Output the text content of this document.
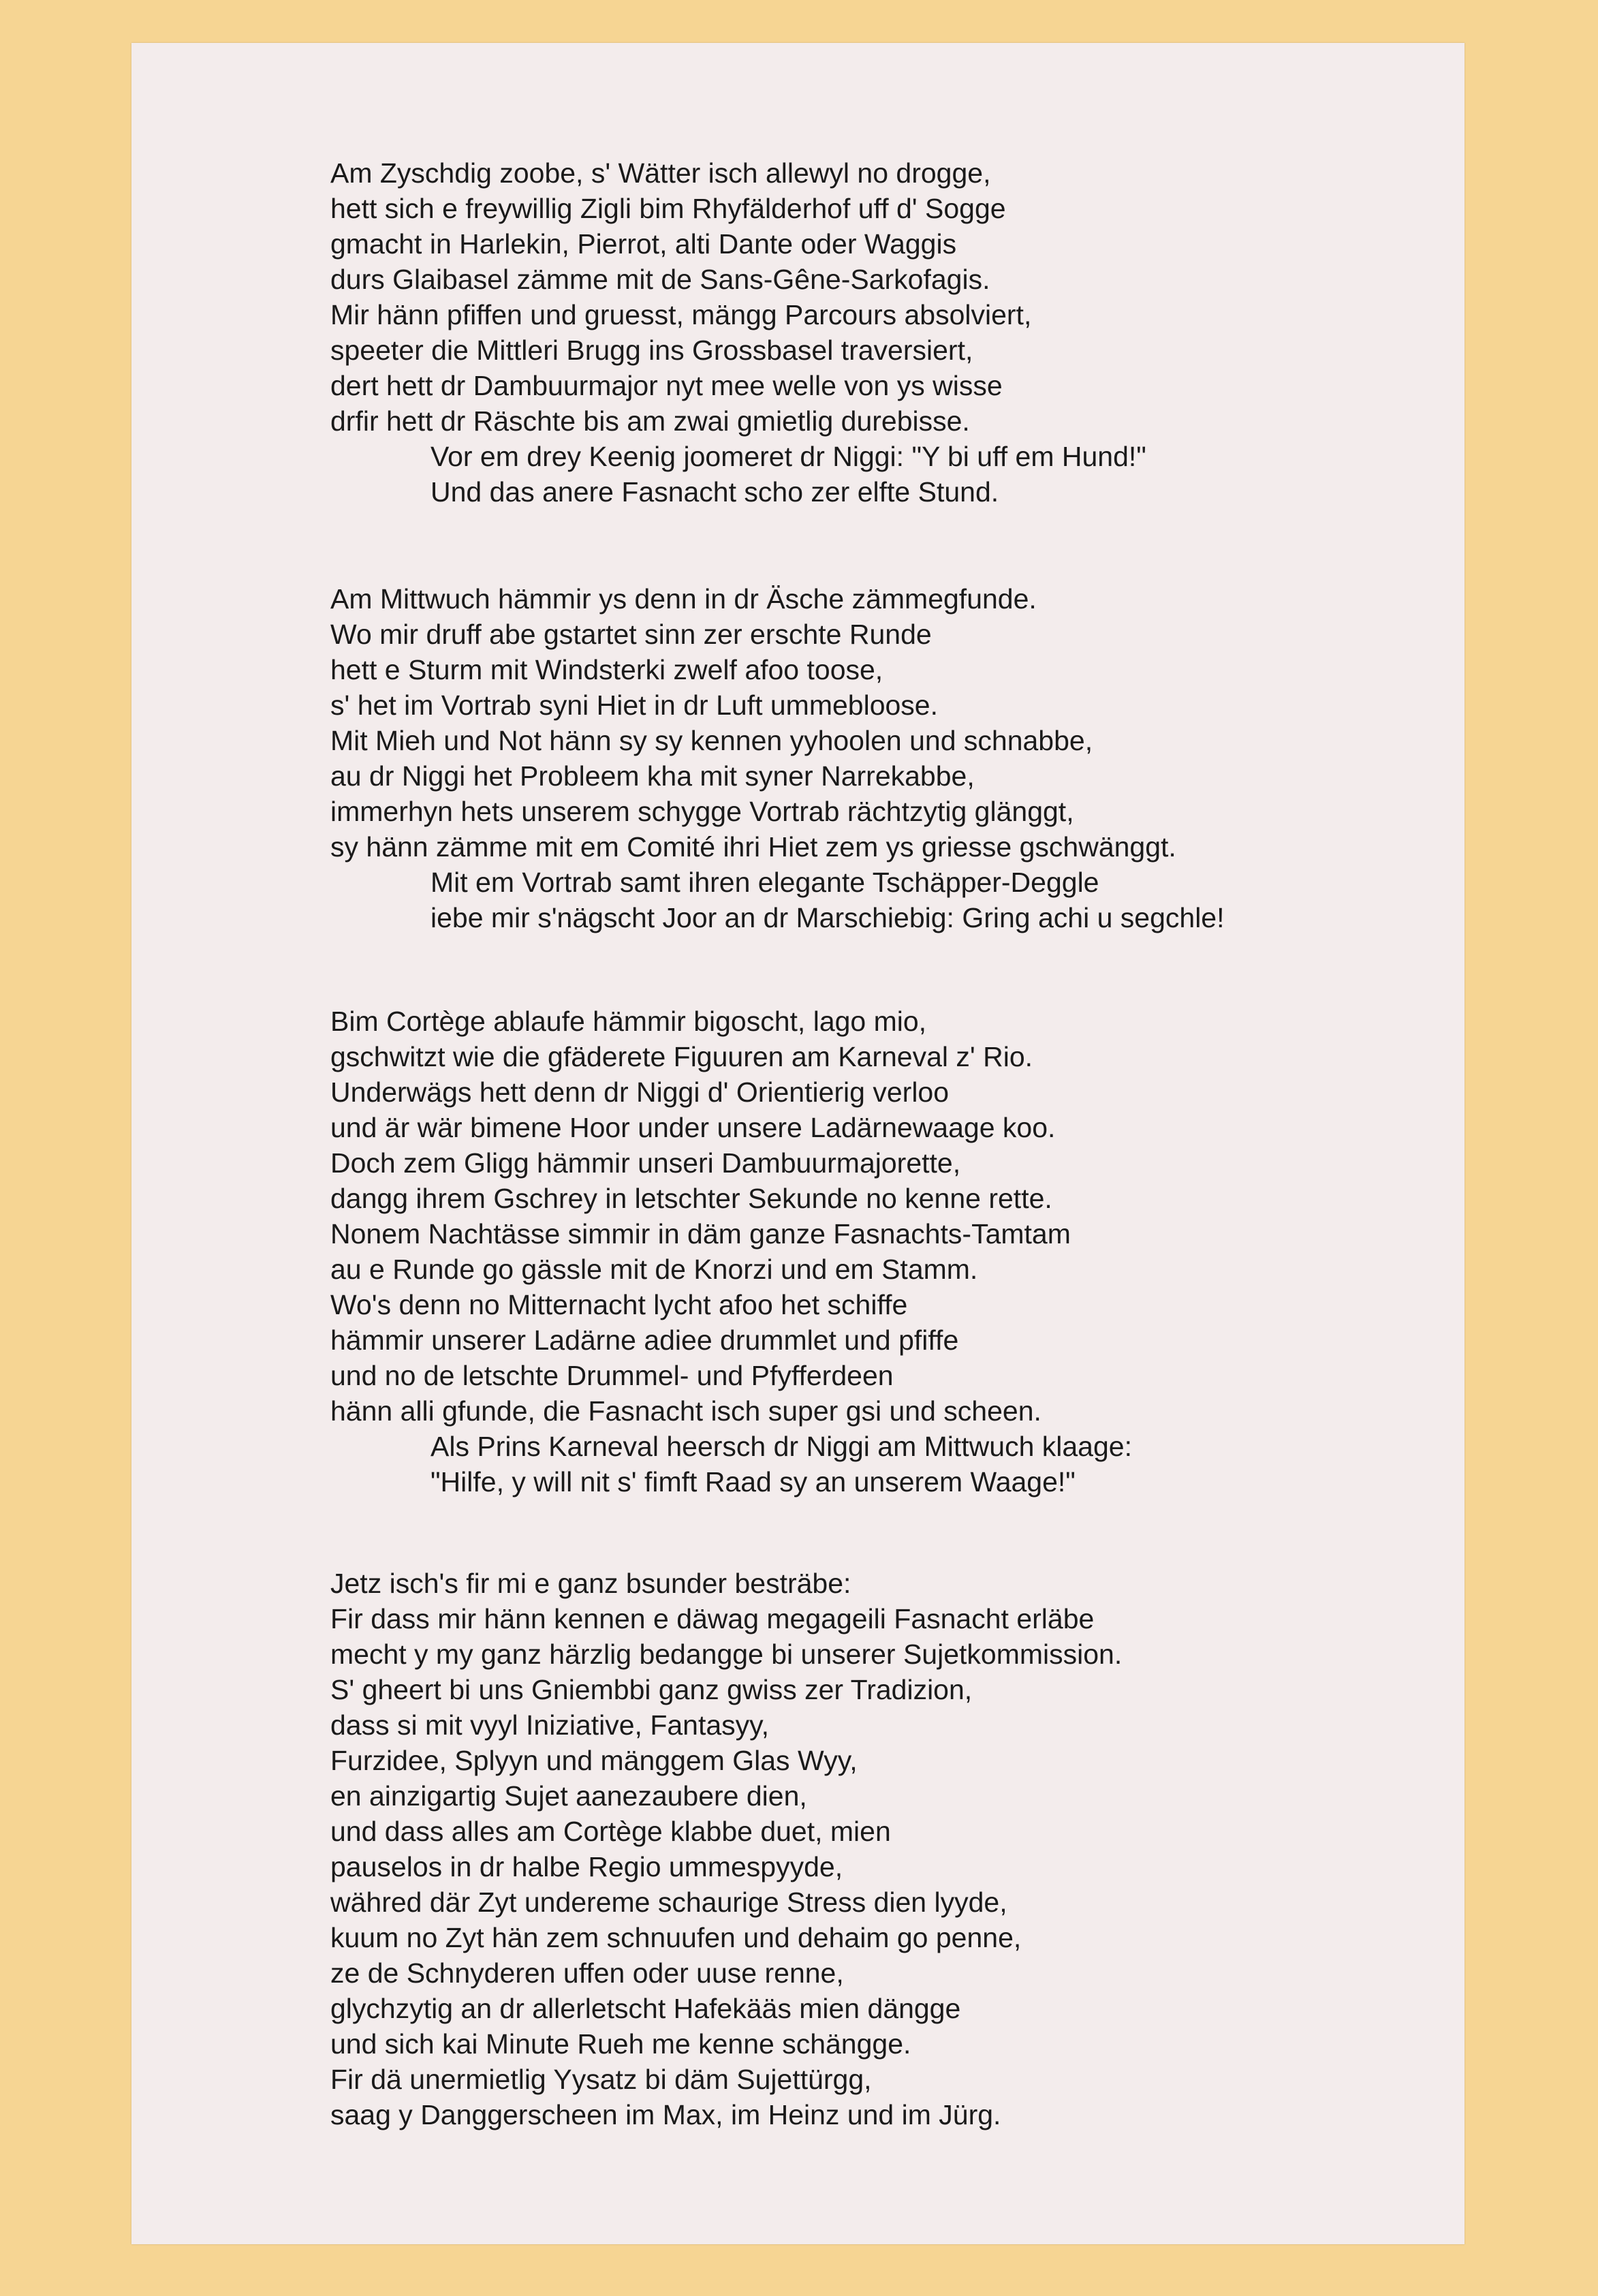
Am Zyschdig zoobe, s' Wätter isch allewyl no drogge,
hett sich e freywillig Zigli bim Rhyfälderhof uff d' Sogge
gmacht in Harlekin, Pierrot, alti Dante oder Waggis
durs Glaibasel zämme mit de Sans-Gêne-Sarkofagis.
Mir hänn pfiffen und gruesst, mängg Parcours absolviert,
speeter die Mittleri Brugg ins Grossbasel traversiert,
dert hett dr Dambuurmajor nyt mee welle von ys wisse
drfir hett dr Räschte bis am zwai gmietlig durebisse.
Vor em drey Keenig joomeret dr Niggi: "Y bi uff em Hund!"
Und das anere Fasnacht scho zer elfte Stund.
Am Mittwuch hämmir ys denn in dr Äsche zämmegfunde.
Wo mir druff abe gstartet sinn zer erschte Runde
hett e Sturm mit Windsterki zwelf afoo toose,
s' het im Vortrab syni Hiet in dr Luft ummebloose.
Mit Mieh und Not hänn sy sy kennen yyhoolen und schnabbe,
au dr Niggi het Probleem kha mit syner Narrekabbe,
immerhyn hets unserem schygge Vortrab rächtzytig glänggt,
sy hänn zämme mit em Comité ihri Hiet zem ys griesse gschwänggt.
Mit em Vortrab samt ihren elegante Tschäpper-Deggle
iebe mir s'nägscht Joor an dr Marschiebig: Gring achi u segchle!
Bim Cortège ablaufe hämmir bigoscht, lago mio,
gschwitzt wie die gfäderete Figuuren am Karneval z' Rio.
Underwägs hett denn dr Niggi d' Orientierig verloo
und är wär bimene Hoor under unsere Ladärnewaage koo.
Doch zem Gligg hämmir unseri Dambuurmajorette,
dangg ihrem Gschrey in letschter Sekunde no kenne rette.
Nonem Nachtässe simmir in däm ganze Fasnachts-Tamtam
au e Runde go gässle mit de Knorzi und em Stamm.
Wo's denn no Mitternacht lycht afoo het schiffe
hämmir unserer Ladärne adiee drummlet und pfiffe
und no de letschte Drummel- und Pfyfferdeen
hänn alli gfunde, die Fasnacht isch super gsi und scheen.
Als Prins Karneval heersch dr Niggi am Mittwuch klaage:
"Hilfe, y will nit s' fimft Raad sy an unserem Waage!"
Jetz isch's fir mi e ganz bsunder besträbe:
Fir dass mir hänn kennen e däwag megageili Fasnacht erläbe
mecht y my ganz härzlig bedangge bi unserer Sujetkommission.
S' gheert bi uns Gniembbi ganz gwiss zer Tradizion,
dass si mit vyyl Iniziative, Fantasyy,
Furzidee, Splyyn und mänggem Glas Wyy,
en ainzigartig Sujet aanezaubere dien,
und dass alles am Cortège klabbe duet, mien
pauselos in dr halbe Regio ummespyyde,
währed där Zyt undereme schaurige Stress dien lyyde,
kuum no Zyt hän zem schnuufen und dehaim go penne,
ze de Schnyderen uffen oder uuse renne,
glychzytig an dr allerletscht Hafekääs mien dängge
und sich kai Minute Rueh me kenne schängge.
Fir dä unermietlig Yysatz bi däm Sujettürgg,
saag y Danggerscheen im Max, im Heinz und im Jürg.
